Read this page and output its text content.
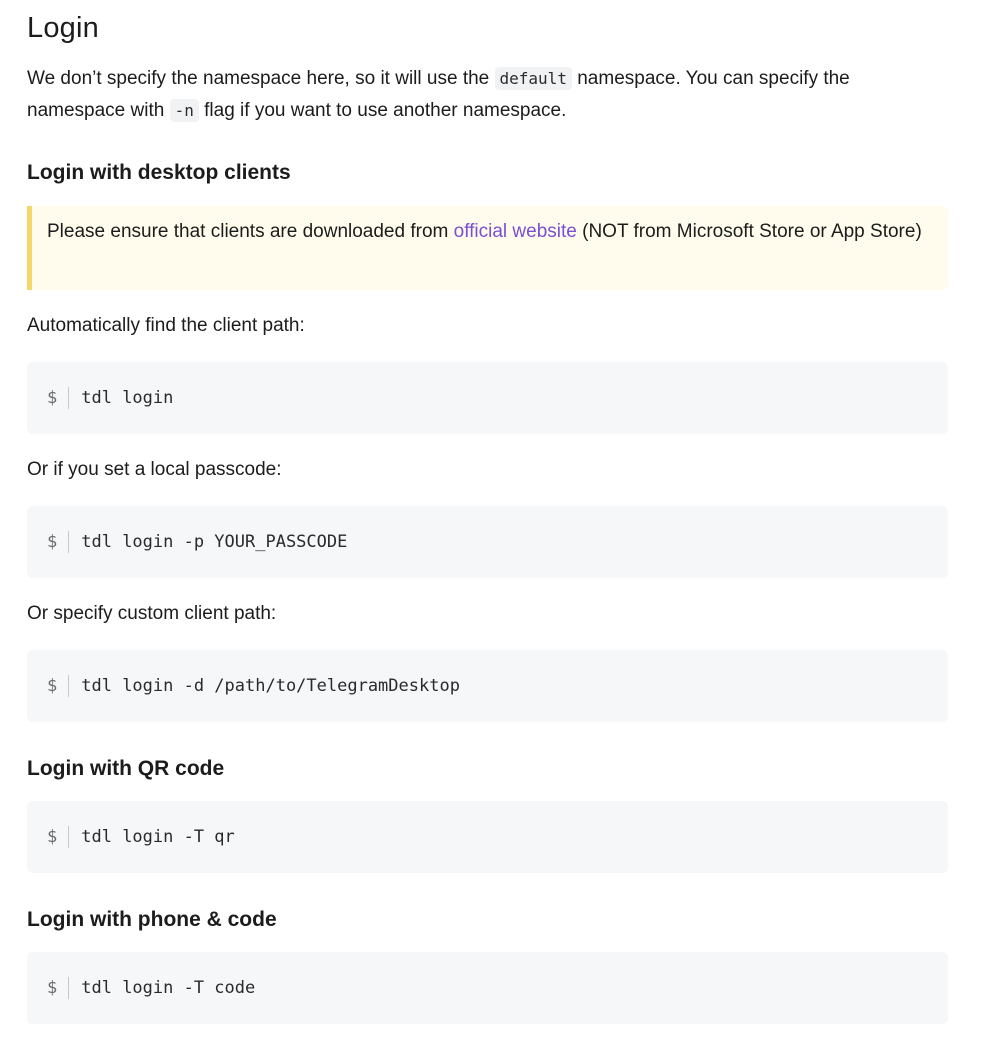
Login

We don’t specify the namespace here, so it will use the default namespace. You can specify the namespace with -n flag if you want to use another namespace.

Login with desktop clients

Please ensure that clients are downloaded from official website (NOT from Microsoft Store or App Store)

Automatically find the client path:

$	tdl login

Or if you set a local passcode:

$	tdl login -p YOUR_PASSCODE

Or specify custom client path:

$	tdl login -d /path/to/TelegramDesktop
Login with QR code
$	tdl login -T qr
Login with phone & code
$	tdl login -T code
